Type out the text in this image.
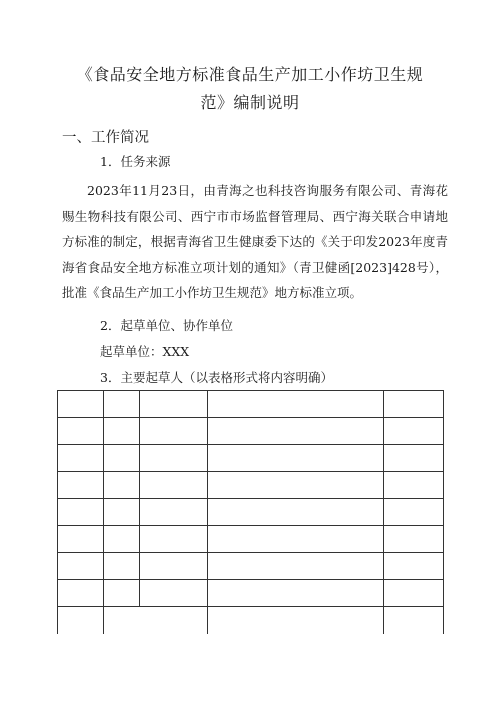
《食品安全地方标准食品生产加工小作坊卫生规
范》编制说明
一、工作简况
1．任务来源
2023年11月23日，由青海之也科技咨询服务有限公司、青海花赐生物科技有限公司、西宁市市场监督管理局、西宁海关联合申请地方标准的制定，根据青海省卫生健康委下达的《关于印发2023年度青海省食品安全地方标准立项计划的通知》（青卫健函[2023]428号），批准《食品生产加工小作坊卫生规范》地方标准立项。
2．起草单位、协作单位
起草单位：XXX
3．主要起草人（以表格形式将内容明确）
